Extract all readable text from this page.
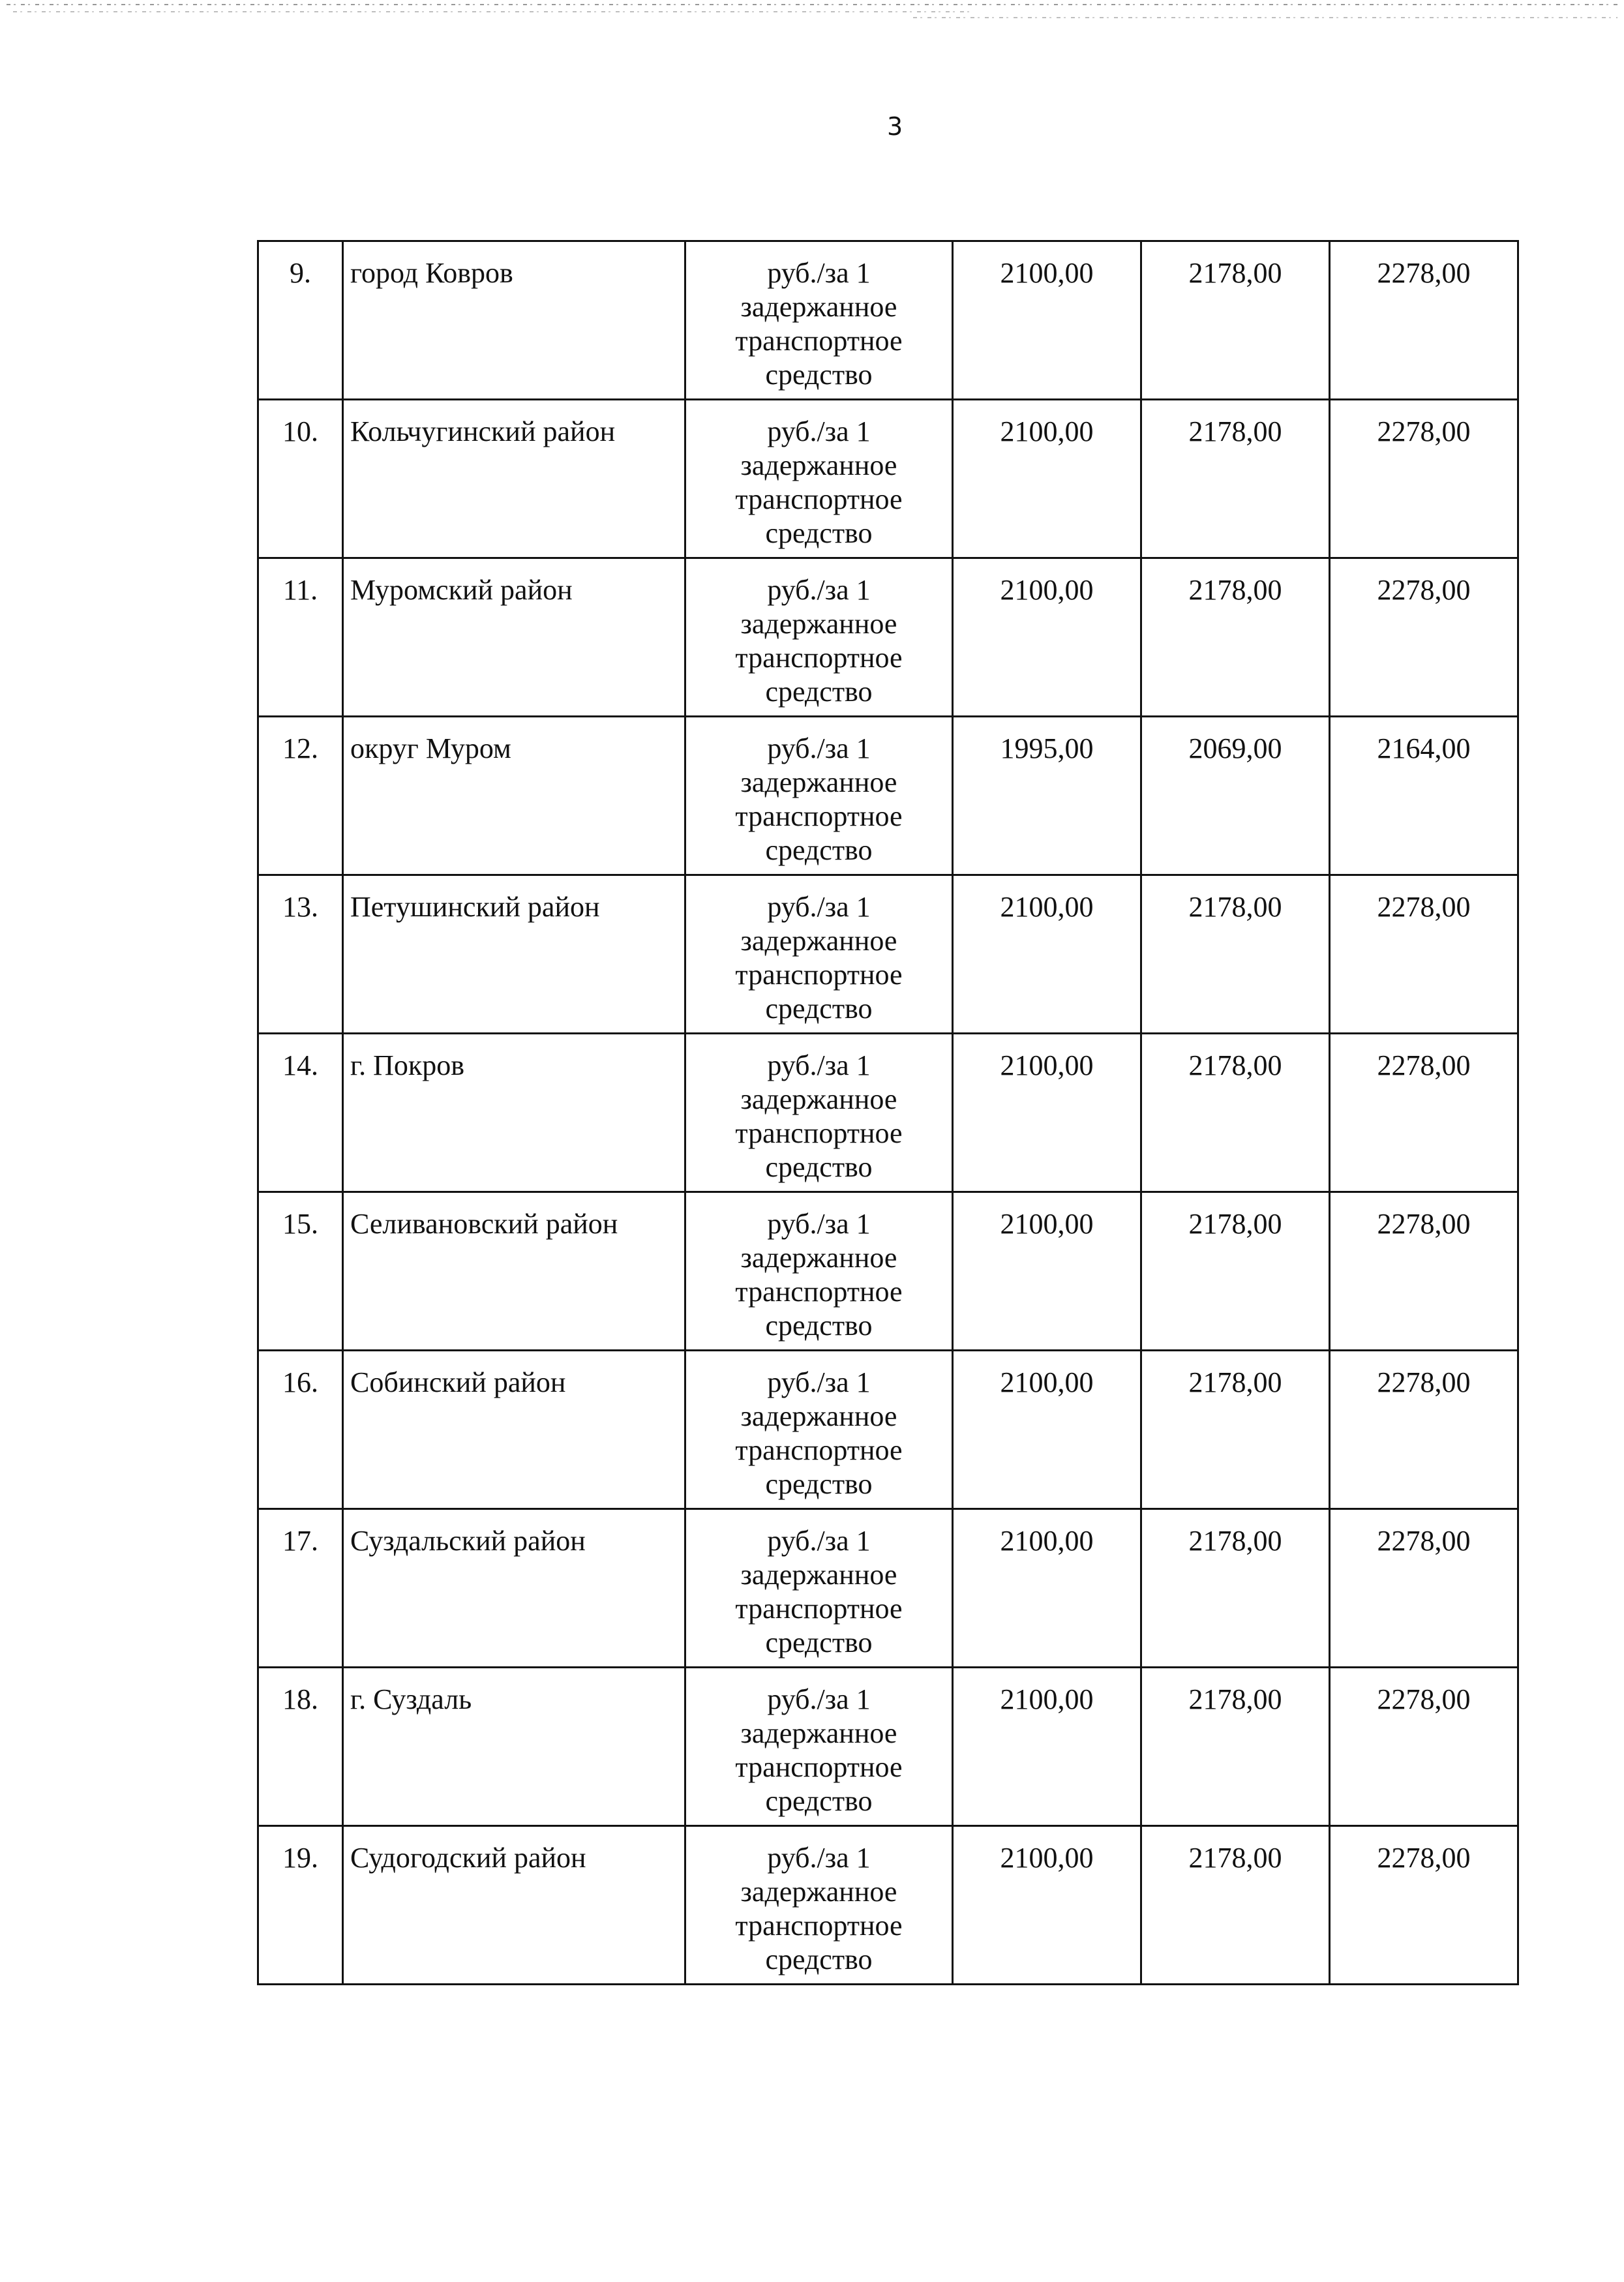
3
9.	город Ковров	руб./за 1
задержанное
транспортное
средство	2100,00	2178,00	2278,00
10.	Кольчугинский район	руб./за 1
задержанное
транспортное
средство	2100,00	2178,00	2278,00
11.	Муромский район	руб./за 1
задержанное
транспортное
средство	2100,00	2178,00	2278,00
12.	округ Муром	руб./за 1
задержанное
транспортное
средство	1995,00	2069,00	2164,00
13.	Петушинский район	руб./за 1
задержанное
транспортное
средство	2100,00	2178,00	2278,00
14.	г. Покров	руб./за 1
задержанное
транспортное
средство	2100,00	2178,00	2278,00
15.	Селивановский район	руб./за 1
задержанное
транспортное
средство	2100,00	2178,00	2278,00
16.	Собинский район	руб./за 1
задержанное
транспортное
средство	2100,00	2178,00	2278,00
17.	Суздальский район	руб./за 1
задержанное
транспортное
средство	2100,00	2178,00	2278,00
18.	г. Суздаль	руб./за 1
задержанное
транспортное
средство	2100,00	2178,00	2278,00
19.	Судогодский район	руб./за 1
задержанное
транспортное
средство	2100,00	2178,00	2278,00
